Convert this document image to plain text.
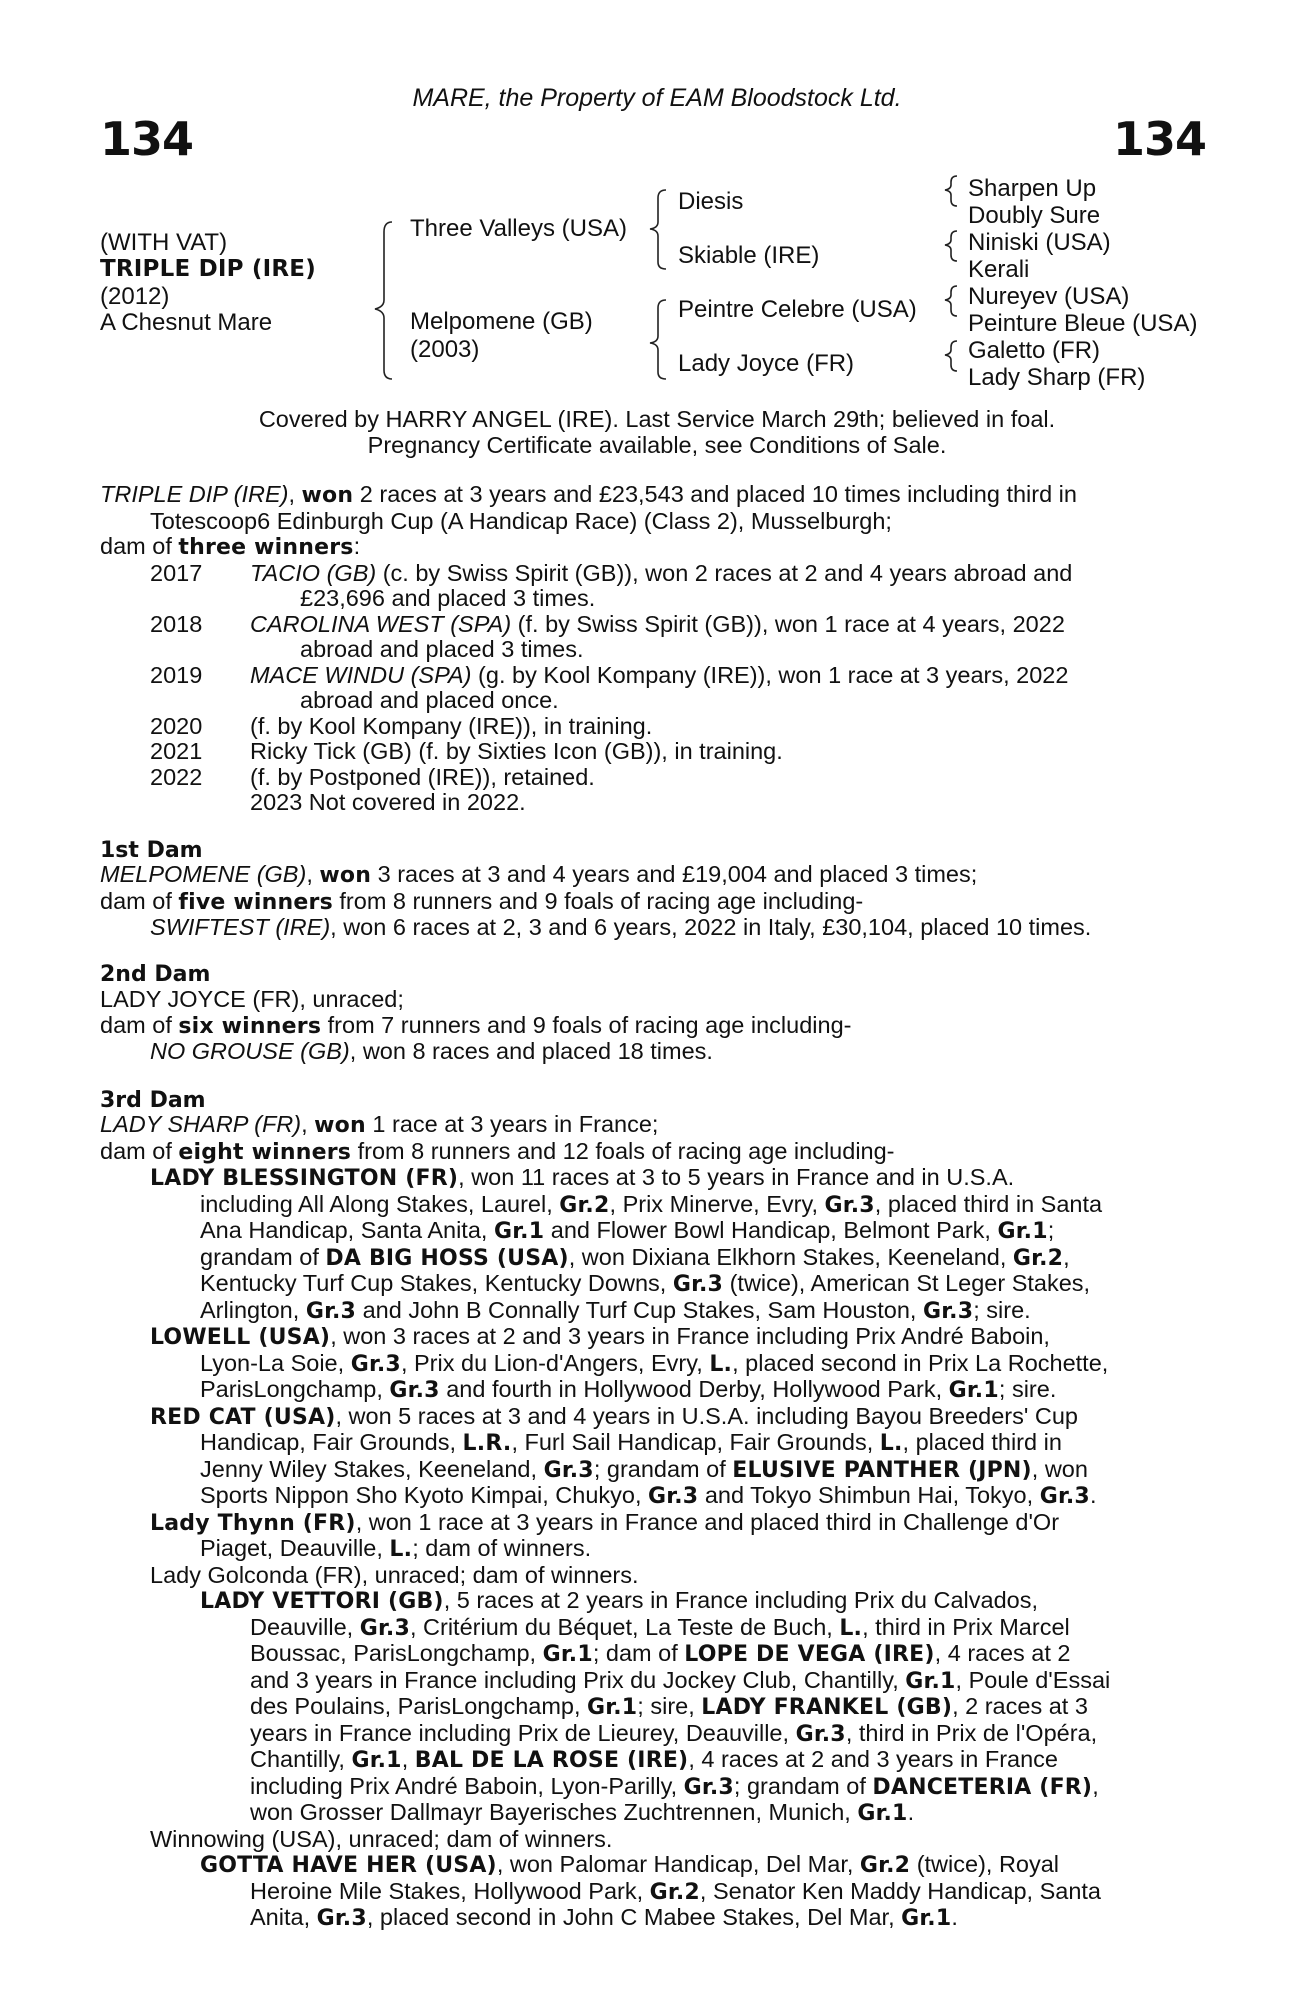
134	134
MARE, the Property of EAM Bloodstock Ltd.
(WITH VAT)
TRIPLE DIP (IRE)
(2012)
A Chesnut Mare
Three Valleys (USA)
Melpomene (GB)
(2003)
Diesis
Skiable (IRE)
Peintre Celebre (USA)
Lady Joyce (FR)
Sharpen Up
Doubly Sure
Niniski (USA)
Kerali
Nureyev (USA)
Peinture Bleue (USA)
Galetto (FR)
Lady Sharp (FR)
Covered by HARRY ANGEL (IRE). Last Service March 29th; believed in foal.
Pregnancy Certificate available, see Conditions of Sale.
TRIPLE DIP (IRE), won 2 races at 3 years and £23,543 and placed 10 times including third in
Totescoop6 Edinburgh Cup (A Handicap Race) (Class 2), Musselburgh;
dam of three winners:
2017 TACIO (GB) (c. by Swiss Spirit (GB)), won 2 races at 2 and 4 years abroad and
£23,696 and placed 3 times.
2018 CAROLINA WEST (SPA) (f. by Swiss Spirit (GB)), won 1 race at 4 years, 2022
abroad and placed 3 times.
2019 MACE WINDU (SPA) (g. by Kool Kompany (IRE)), won 1 race at 3 years, 2022
abroad and placed once.
2020 (f. by Kool Kompany (IRE)), in training.
2021 Ricky Tick (GB) (f. by Sixties Icon (GB)), in training.
2022 (f. by Postponed (IRE)), retained.
2023 Not covered in 2022.
1st Dam
MELPOMENE (GB), won 3 races at 3 and 4 years and £19,004 and placed 3 times;
dam of five winners from 8 runners and 9 foals of racing age including-
SWIFTEST (IRE), won 6 races at 2, 3 and 6 years, 2022 in Italy, £30,104, placed 10 times.
2nd Dam
LADY JOYCE (FR), unraced;
dam of six winners from 7 runners and 9 foals of racing age including-
NO GROUSE (GB), won 8 races and placed 18 times.
3rd Dam
LADY SHARP (FR), won 1 race at 3 years in France;
dam of eight winners from 8 runners and 12 foals of racing age including-
LADY BLESSINGTON (FR), won 11 races at 3 to 5 years in France and in U.S.A.
including All Along Stakes, Laurel, Gr.2, Prix Minerve, Evry, Gr.3, placed third in Santa
Ana Handicap, Santa Anita, Gr.1 and Flower Bowl Handicap, Belmont Park, Gr.1;
grandam of DA BIG HOSS (USA), won Dixiana Elkhorn Stakes, Keeneland, Gr.2,
Kentucky Turf Cup Stakes, Kentucky Downs, Gr.3 (twice), American St Leger Stakes,
Arlington, Gr.3 and John B Connally Turf Cup Stakes, Sam Houston, Gr.3; sire.
LOWELL (USA), won 3 races at 2 and 3 years in France including Prix André Baboin,
Lyon-La Soie, Gr.3, Prix du Lion-d'Angers, Evry, L., placed second in Prix La Rochette,
ParisLongchamp, Gr.3 and fourth in Hollywood Derby, Hollywood Park, Gr.1; sire.
RED CAT (USA), won 5 races at 3 and 4 years in U.S.A. including Bayou Breeders' Cup
Handicap, Fair Grounds, L.R., Furl Sail Handicap, Fair Grounds, L., placed third in
Jenny Wiley Stakes, Keeneland, Gr.3; grandam of ELUSIVE PANTHER (JPN), won
Sports Nippon Sho Kyoto Kimpai, Chukyo, Gr.3 and Tokyo Shimbun Hai, Tokyo, Gr.3.
Lady Thynn (FR), won 1 race at 3 years in France and placed third in Challenge d'Or
Piaget, Deauville, L.; dam of winners.
Lady Golconda (FR), unraced; dam of winners.
LADY VETTORI (GB), 5 races at 2 years in France including Prix du Calvados,
Deauville, Gr.3, Critérium du Béquet, La Teste de Buch, L., third in Prix Marcel
Boussac, ParisLongchamp, Gr.1; dam of LOPE DE VEGA (IRE), 4 races at 2
and 3 years in France including Prix du Jockey Club, Chantilly, Gr.1, Poule d'Essai
des Poulains, ParisLongchamp, Gr.1; sire, LADY FRANKEL (GB), 2 races at 3
years in France including Prix de Lieurey, Deauville, Gr.3, third in Prix de l'Opéra,
Chantilly, Gr.1, BAL DE LA ROSE (IRE), 4 races at 2 and 3 years in France
including Prix André Baboin, Lyon-Parilly, Gr.3; grandam of DANCETERIA (FR),
won Grosser Dallmayr Bayerisches Zuchtrennen, Munich, Gr.1.
Winnowing (USA), unraced; dam of winners.
GOTTA HAVE HER (USA), won Palomar Handicap, Del Mar, Gr.2 (twice), Royal
Heroine Mile Stakes, Hollywood Park, Gr.2, Senator Ken Maddy Handicap, Santa
Anita, Gr.3, placed second in John C Mabee Stakes, Del Mar, Gr.1.
